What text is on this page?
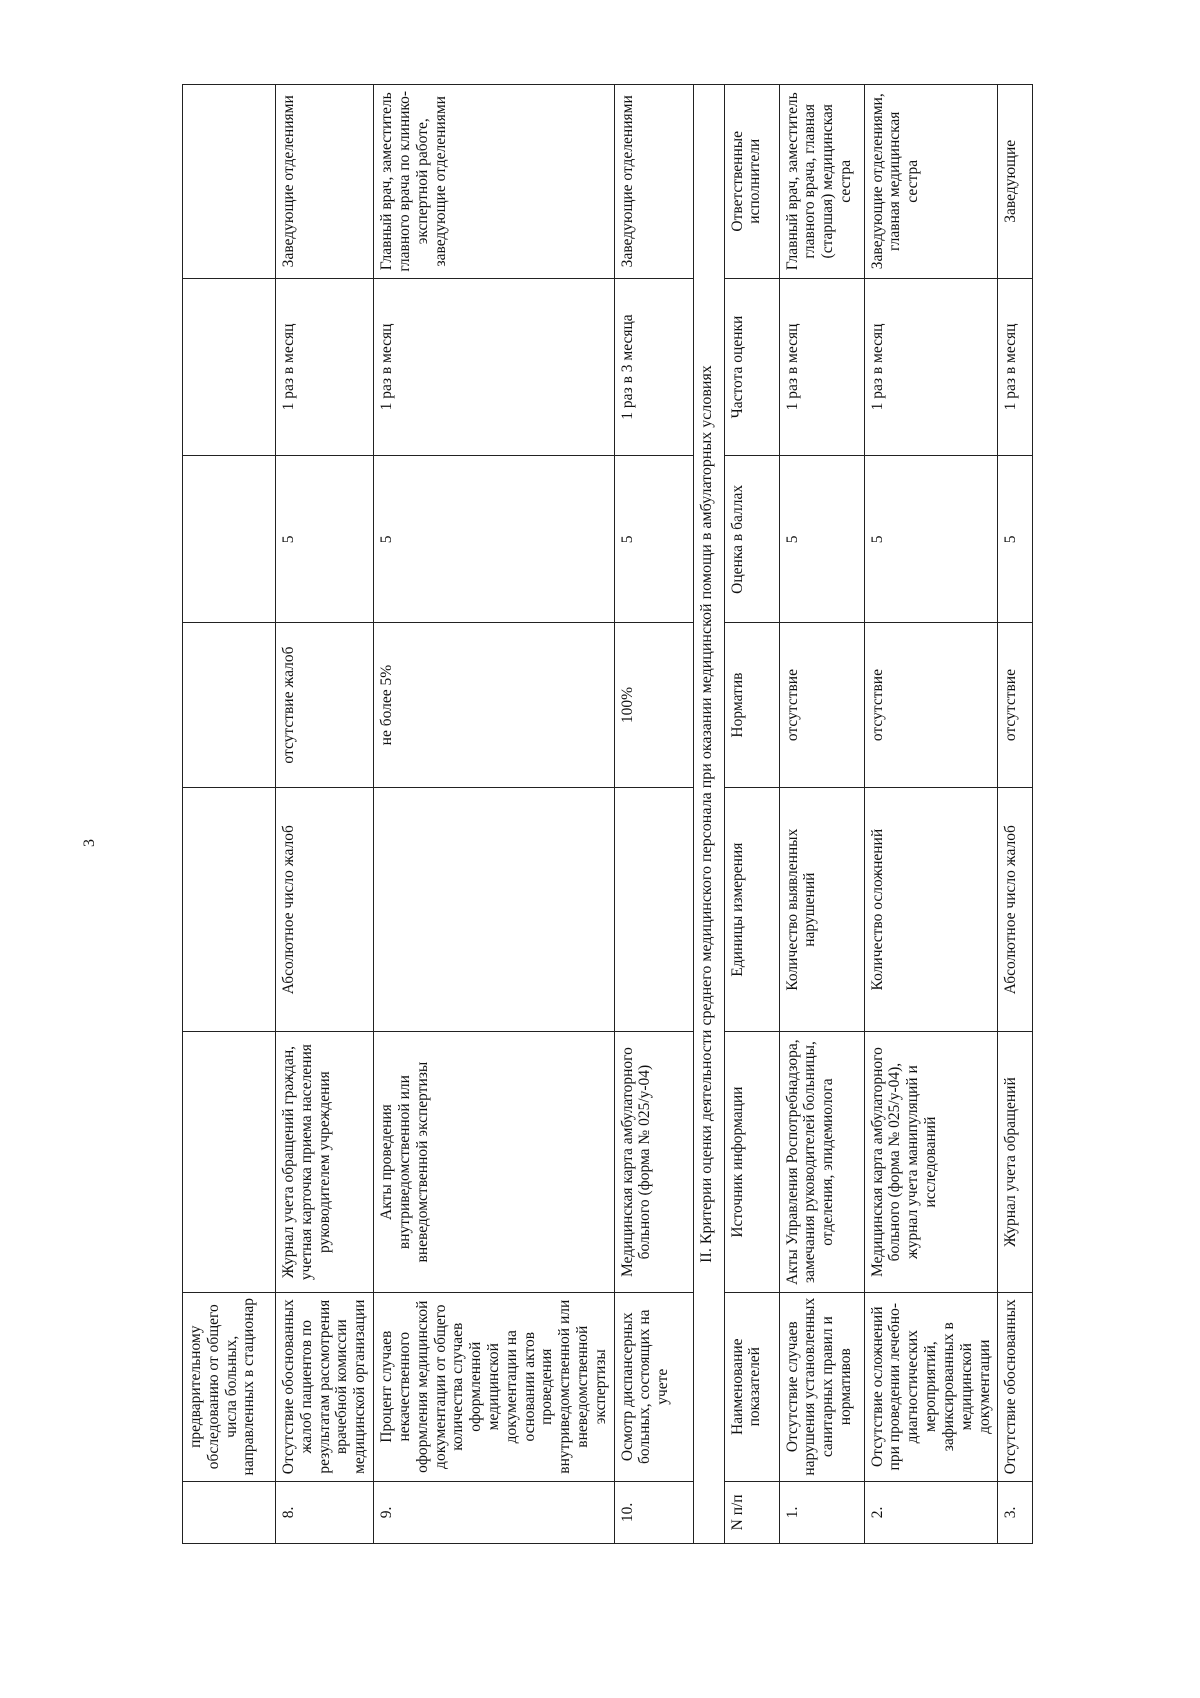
3
	предварительному обследованию от общего числа больных, направленных в стационар						
8.	Отсутствие обоснованных жалоб пациентов по результатам рассмотрения врачебной комиссии медицинской организации	Журнал учета обращений граждан, учетная карточка приема населения руководителем учреждения	Абсолютное число жалоб	отсутствие жалоб	5	1 раз в месяц	Заведующие отделениями
9.	Процент случаев некачественного оформления медицинской документации от общего количества случаев оформленной медицинской документации на основании актов проведения внутриведомственной или вневедомственной экспертизы	Акты проведения внутриведомственной или вневедомственной экспертизы		не более 5%	5	1 раз в месяц	Главный врач, заместитель главного врача по клинико-экспертной работе, заведующие отделениями
10.	Осмотр диспансерных больных, состоящих на учете	Медицинская карта амбулаторного больного (форма № 025/у-04)		100%	5	1 раз в 3 месяца	Заведующие отделениями
II. Критерии оценки деятельности среднего медицинского персонала при оказании медицинской помощи в амбулаторных условиях							
N п/п	Наименование показателей	Источник информации	Единицы измерения	Норматив	Оценка в баллах	Частота оценки	Ответственные исполнители
1.	Отсутствие случаев нарушения установленных санитарных правил и нормативов	Акты Управления Роспотребнадзора, замечания руководителей больницы, отделения, эпидемиолога	Количество выявленных нарушений	отсутствие	5	1 раз в месяц	Главный врач, заместитель главного врача, главная (старшая) медицинская сестра
2.	Отсутствие осложнений при проведении лечебно-диагностических мероприятий, зафиксированных в медицинской документации	Медицинская карта амбулаторного больного (форма № 025/у-04), журнал учета манипуляций и исследований	Количество осложнений	отсутствие	5	1 раз в месяц	Заведующие отделениями, главная медицинская сестра
3.	Отсутствие обоснованных	Журнал учета обращений	Абсолютное число жалоб	отсутствие	5	1 раз в месяц	Заведующие
